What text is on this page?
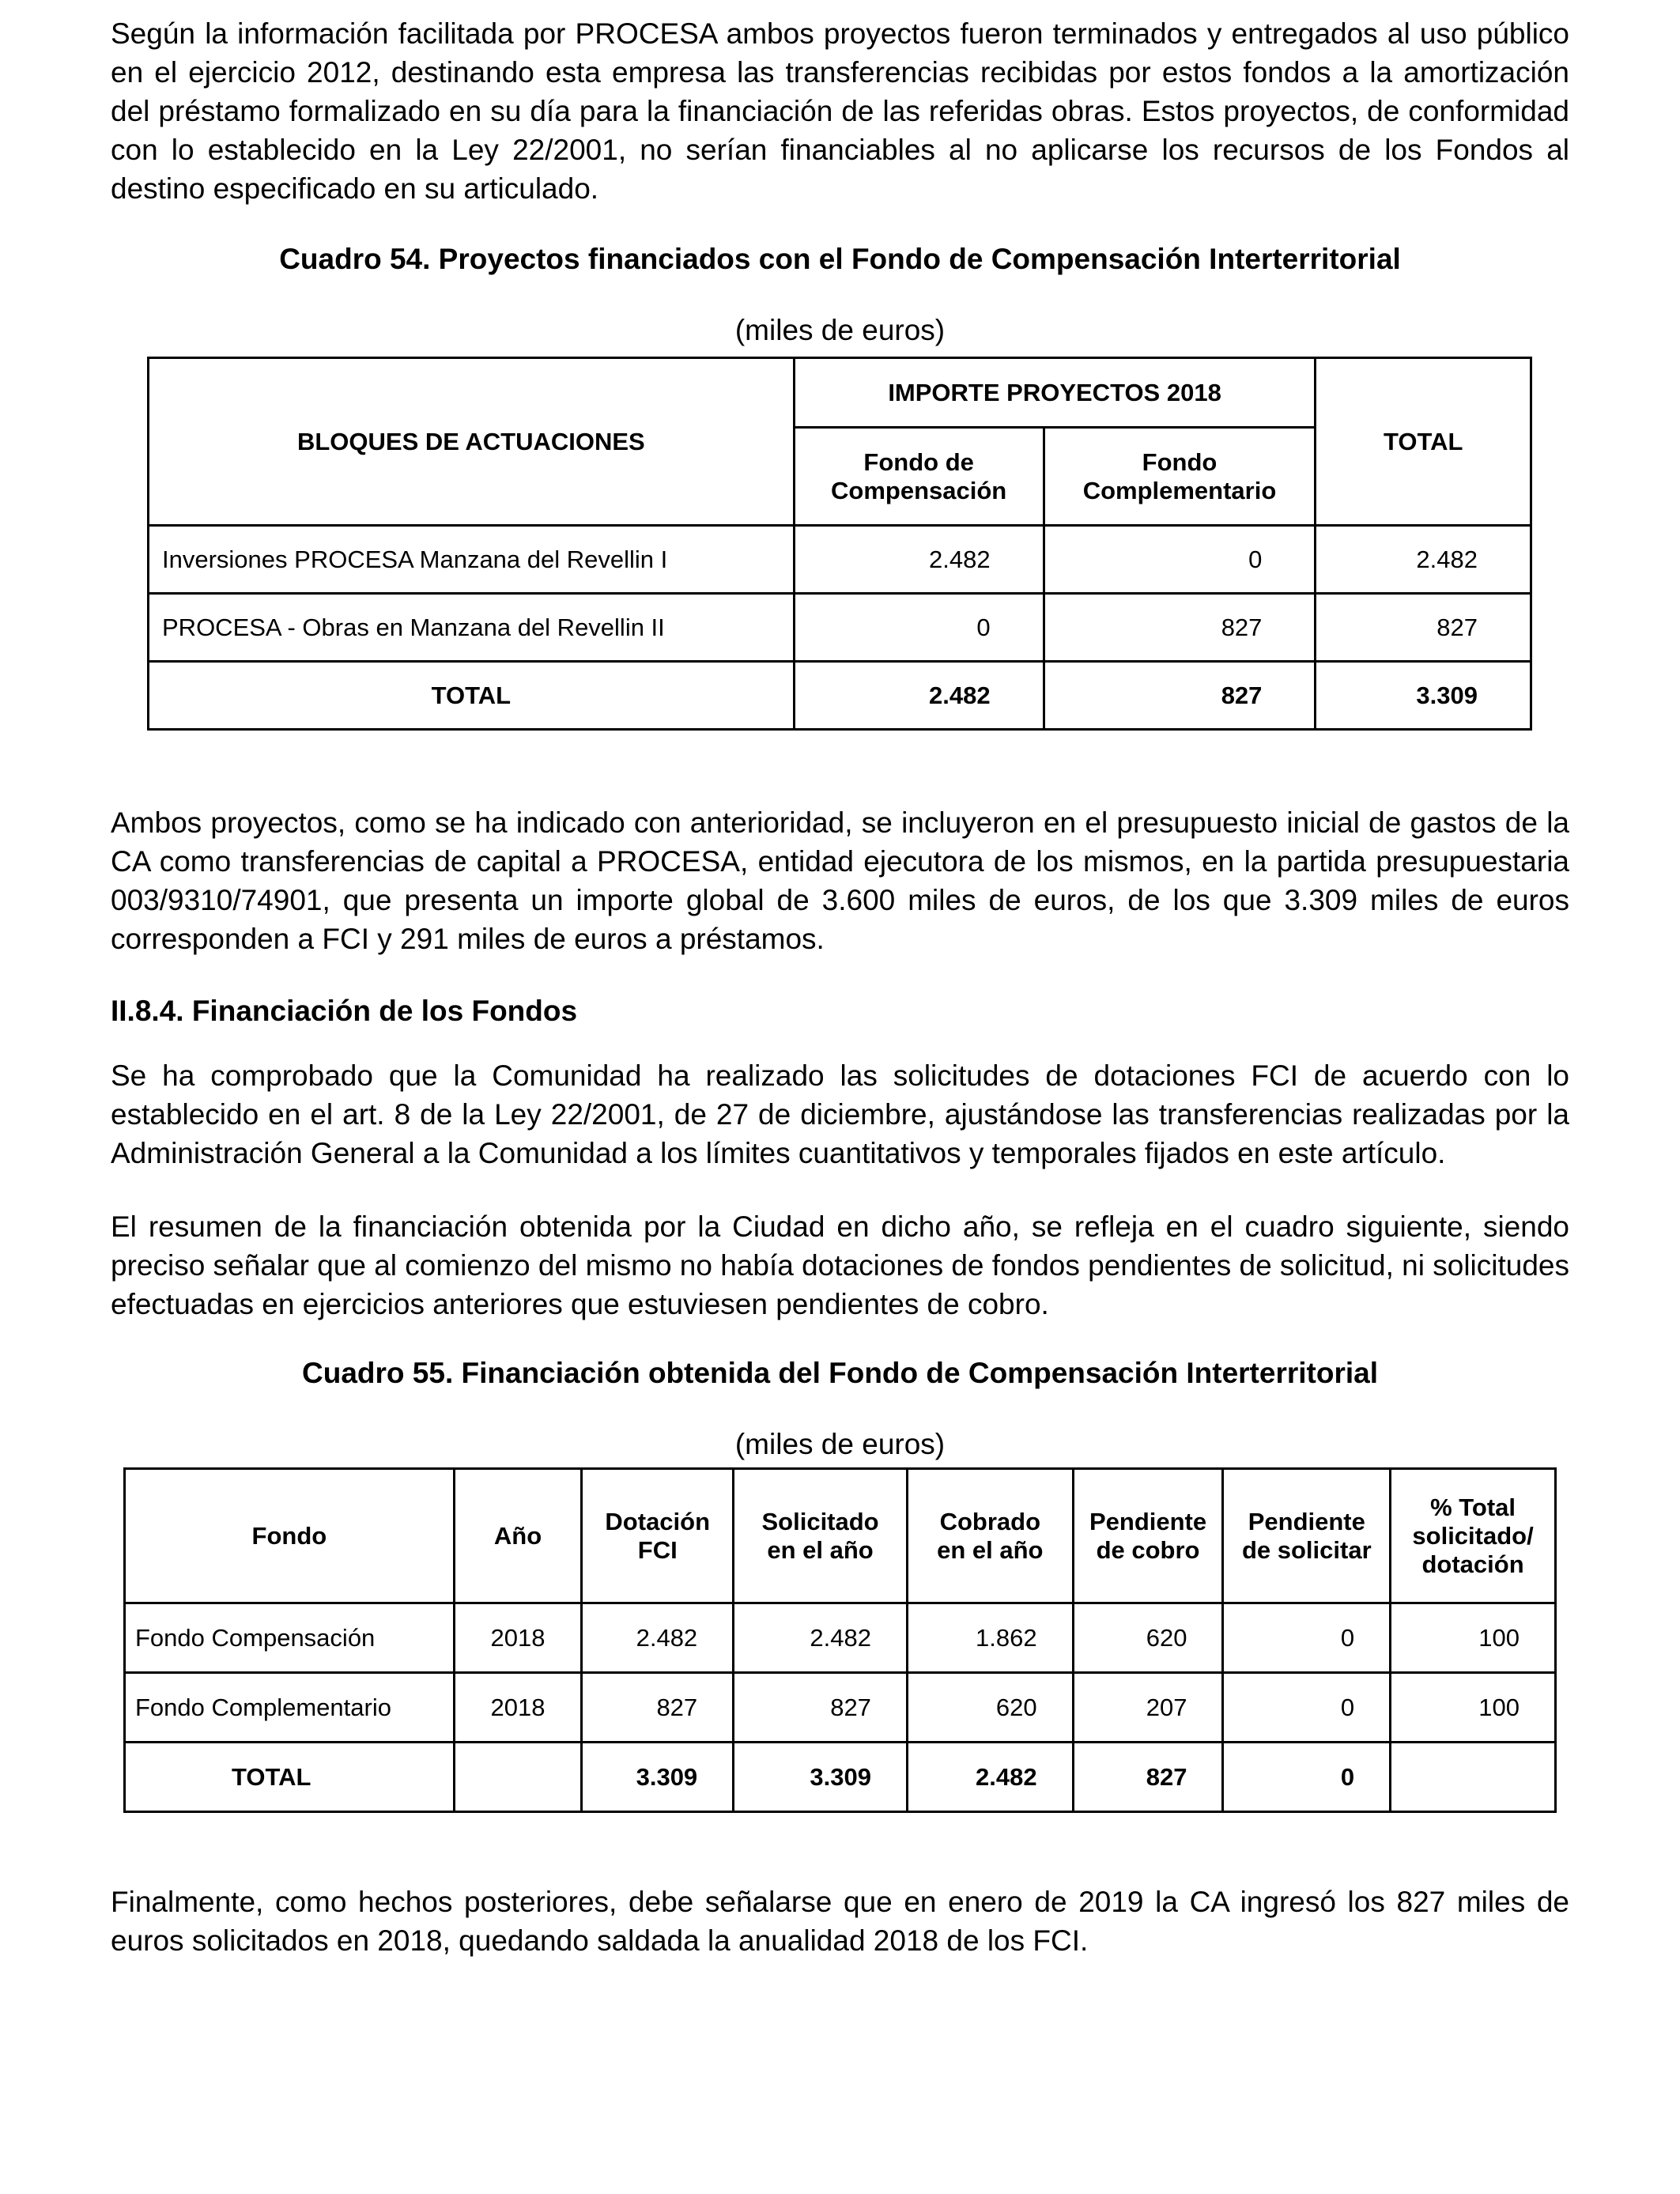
Según la información facilitada por PROCESA ambos proyectos fueron terminados y entregados al uso público en el ejercicio 2012, destinando esta empresa las transferencias recibidas por estos fondos a la amortización del préstamo formalizado en su día para la financiación de las referidas obras. Estos proyectos, de conformidad con lo establecido en la Ley 22/2001, no serían financiables al no aplicarse los recursos de los Fondos al destino especificado en su articulado.

Cuadro 54. Proyectos financiados con el Fondo de Compensación Interterritorial

(miles de euros)

BLOQUES DE ACTUACIONES	IMPORTE PROYECTOS 2018		TOTAL
	Fondo de Compensación	Fondo Complementario	
Inversiones PROCESA Manzana del Revellin I	2.482	0	2.482
PROCESA - Obras en Manzana del Revellin II	0	827	827
TOTAL	2.482	827	3.309

Ambos proyectos, como se ha indicado con anterioridad, se incluyeron en el presupuesto inicial de gastos de la CA como transferencias de capital a PROCESA, entidad ejecutora de los mismos, en la partida presupuestaria 003/9310/74901, que presenta un importe global de 3.600 miles de euros, de los que 3.309 miles de euros corresponden a FCI y 291 miles de euros a préstamos.

II.8.4. Financiación de los Fondos

Se ha comprobado que la Comunidad ha realizado las solicitudes de dotaciones FCI de acuerdo con lo establecido en el art. 8 de la Ley 22/2001, de 27 de diciembre, ajustándose las transferencias realizadas por la Administración General a la Comunidad a los límites cuantitativos y temporales fijados en este artículo.

El resumen de la financiación obtenida por la Ciudad en dicho año, se refleja en el cuadro siguiente, siendo preciso señalar que al comienzo del mismo no había dotaciones de fondos pendientes de solicitud, ni solicitudes efectuadas en ejercicios anteriores que estuviesen pendientes de cobro.

Cuadro 55. Financiación obtenida del Fondo de Compensación Interterritorial

(miles de euros)

Fondo	Año	Dotación FCI	Solicitado en el año	Cobrado en el año	Pendiente de cobro	Pendiente de solicitar	% Total solicitado/ dotación
Fondo Compensación	2018	2.482	2.482	1.862	620	0	100
Fondo Complementario	2018	827	827	620	207	0	100
TOTAL		3.309	3.309	2.482	827	0	

Finalmente, como hechos posteriores, debe señalarse que en enero de 2019 la CA ingresó los 827 miles de euros solicitados en 2018, quedando saldada la anualidad 2018 de los FCI.
